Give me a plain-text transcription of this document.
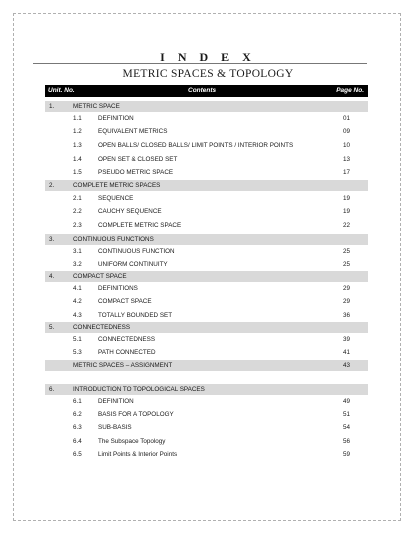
I N D E X
METRIC SPACES & TOPOLOGY
Unit. No.	Contents	Page No.
1.	METRIC SPACE
1.1	DEFINITION	01
1.2	EQUIVALENT METRICS	09
1.3	OPEN BALLS/ CLOSED BALLS/ LIMIT POINTS / INTERIOR POINTS	10
1.4	OPEN SET & CLOSED SET	13
1.5	PSEUDO METRIC SPACE	17
2.	COMPLETE METRIC SPACES
2.1	SEQUENCE	19
2.2	CAUCHY SEQUENCE	19
2.3	COMPLETE METRIC SPACE	22
3.	CONTINUOUS FUNCTIONS
3.1	CONTINUOUS FUNCTION	25
3.2	UNIFORM CONTINUITY	25
4.	COMPACT SPACE
4.1	DEFINITIONS	29
4.2	COMPACT SPACE	29
4.3	TOTALLY BOUNDED SET	36
5.	CONNECTEDNESS
5.1	CONNECTEDNESS	39
5.3	PATH CONNECTED	41
METRIC SPACES – ASSIGNMENT	43
6.	INTRODUCTION TO TOPOLOGICAL SPACES
6.1	DEFINITION	49
6.2	BASIS FOR A TOPOLOGY	51
6.3	SUB-BASIS	54
6.4	The Subspace Topology	56
6.5	Limit Points & Interior Points	59
